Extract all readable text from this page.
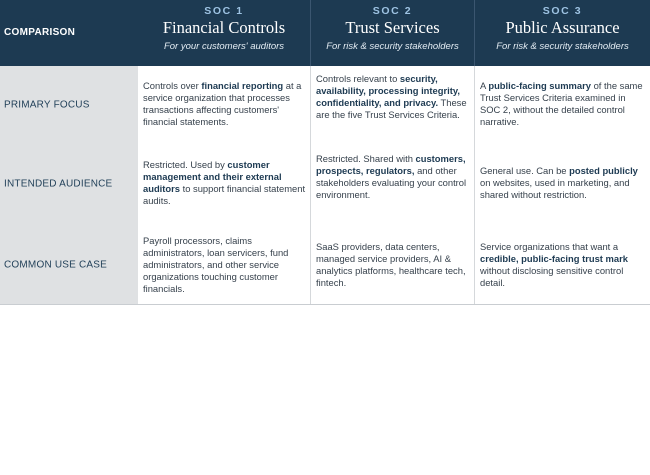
COMPARISON
SOC 1
Financial Controls
For your customers' auditors
SOC 2
Trust Services
For risk & security stakeholders
SOC 3
Public Assurance
For risk & security stakeholders
PRIMARY FOCUS
Controls over financial reporting at a service organization that processes transactions affecting customers' financial statements.
Controls relevant to security, availability, processing integrity, confidentiality, and privacy. These are the five Trust Services Criteria.
A public-facing summary of the same Trust Services Criteria examined in SOC 2, without the detailed control narrative.
INTENDED AUDIENCE
Restricted. Used by customer management and their external auditors to support financial statement audits.
Restricted. Shared with customers, prospects, regulators, and other stakeholders evaluating your control environment.
General use. Can be posted publicly on websites, used in marketing, and shared without restriction.
COMMON USE CASE
Payroll processors, claims administrators, loan servicers, fund administrators, and other service organizations touching customer financials.
SaaS providers, data centers, managed service providers, AI & analytics platforms, healthcare tech, fintech.
Service organizations that want a credible, public-facing trust mark without disclosing sensitive control detail.
